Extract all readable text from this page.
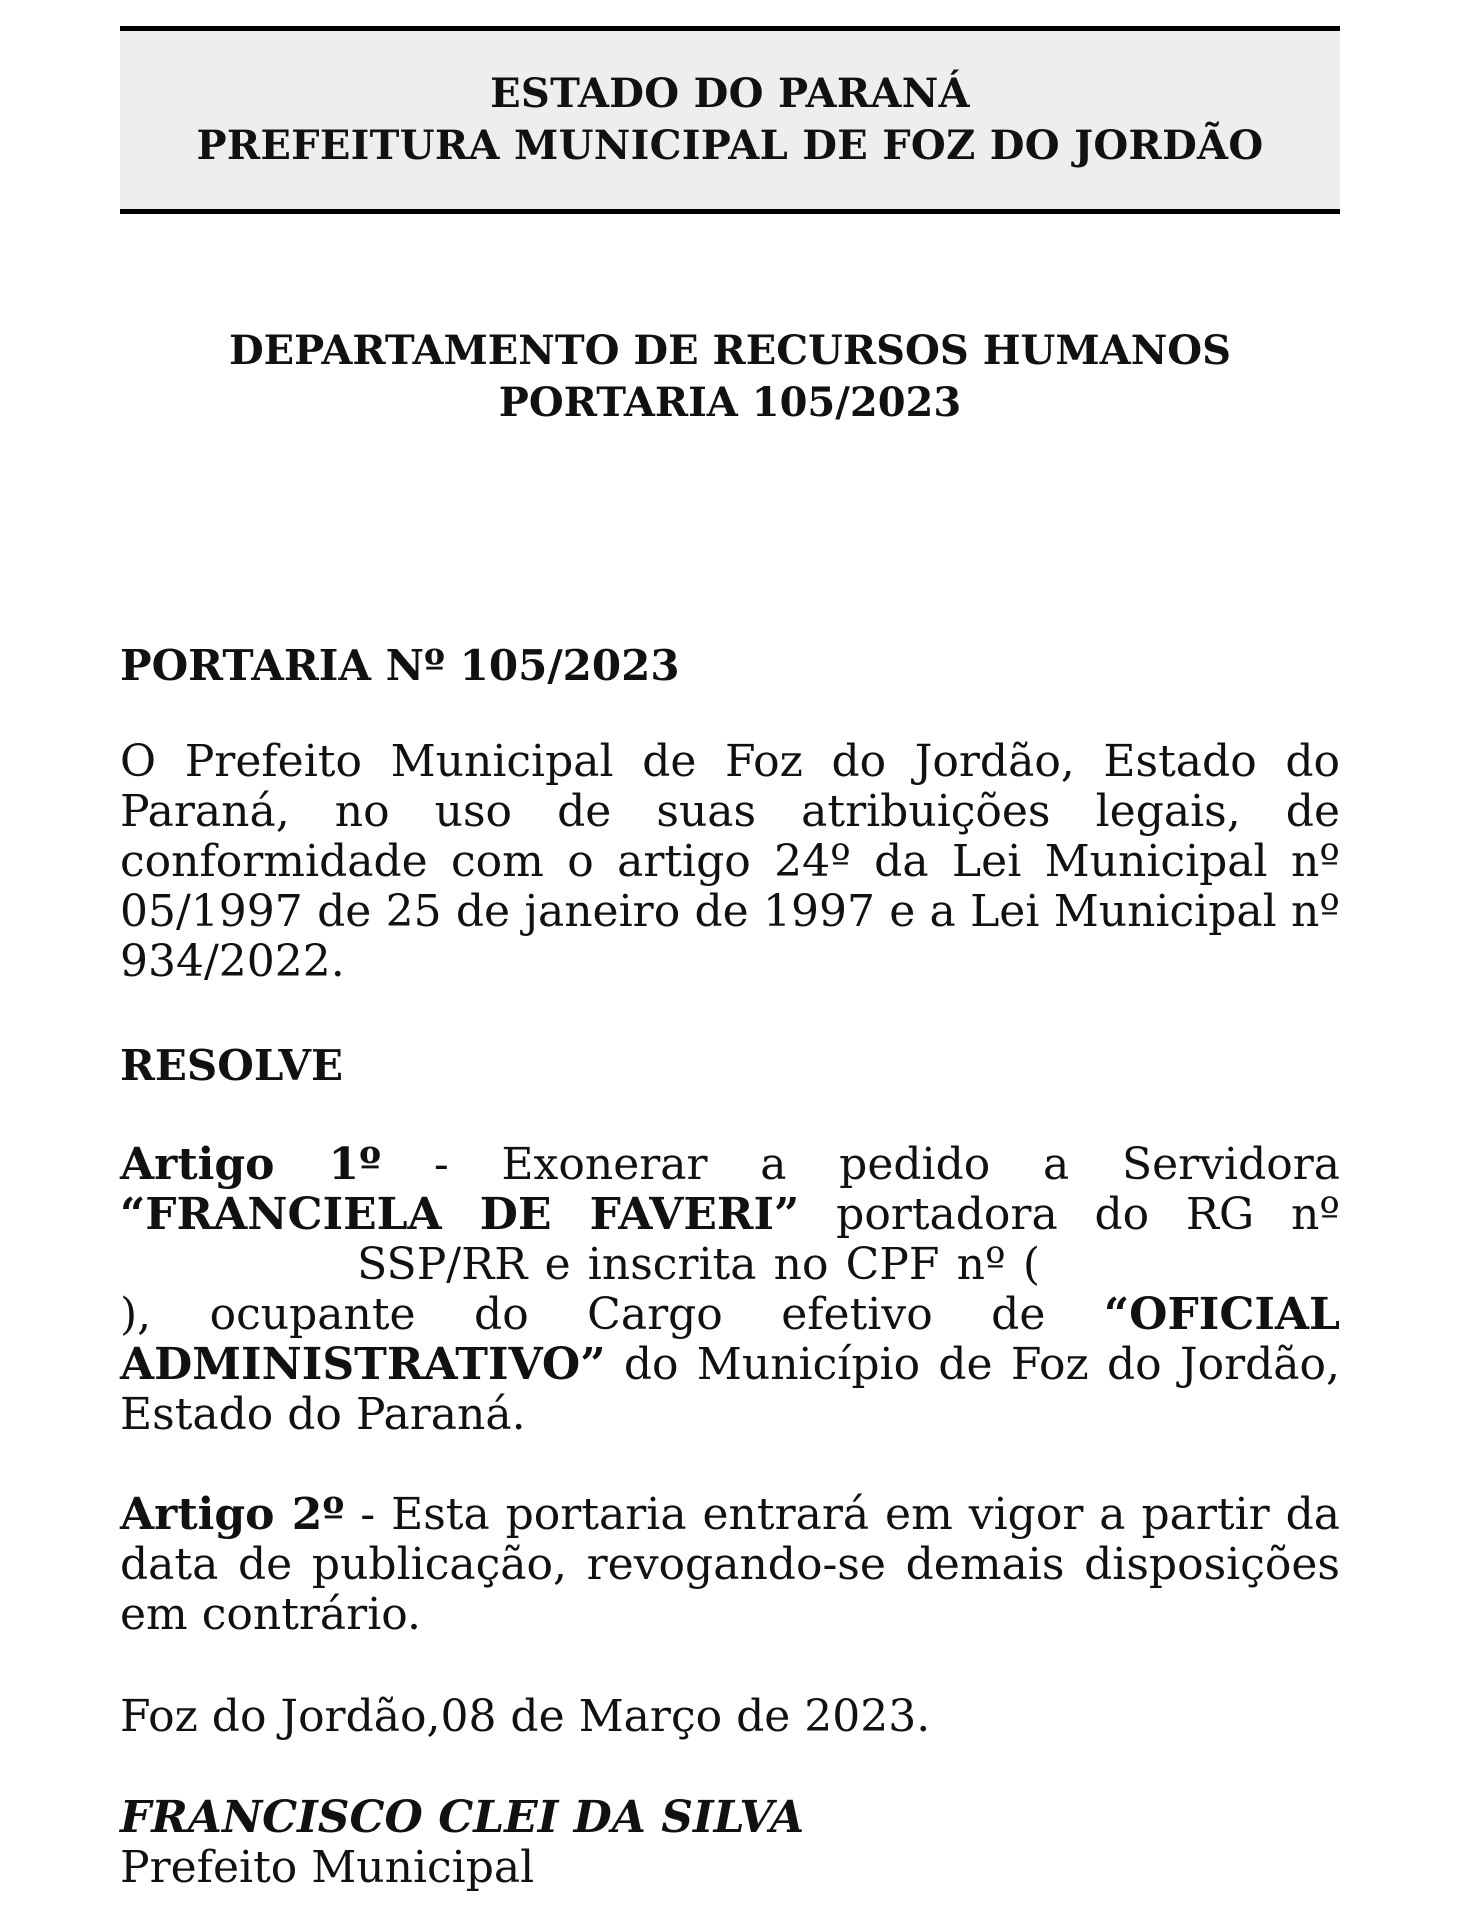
ESTADO DO PARANÁ
PREFEITURA MUNICIPAL DE FOZ DO JORDÃO
DEPARTAMENTO DE RECURSOS HUMANOS
PORTARIA 105/2023
PORTARIA Nº 105/2023
O Prefeito Municipal de Foz do Jordão, Estado do Paraná, no uso de suas atribuições legais, de conformidade com o artigo 24º da Lei Municipal nº 05/1997 de 25 de janeiro de 1997 e a Lei Municipal nº 934/2022.
RESOLVE
Artigo 1º - Exonerar a pedido a Servidora “FRANCIELA DE FAVERI” portadora do RG nº  SSP/RR e inscrita no CPF nº (), ocupante do Cargo efetivo de “OFICIAL ADMINISTRATIVO” do Município de Foz do Jordão, Estado do Paraná.
Artigo 2º - Esta portaria entrará em vigor a partir da data de publicação, revogando-se demais disposições em contrário.
Foz do Jordão,08 de Março de 2023.
FRANCISCO CLEI DA SILVA
Prefeito Municipal
